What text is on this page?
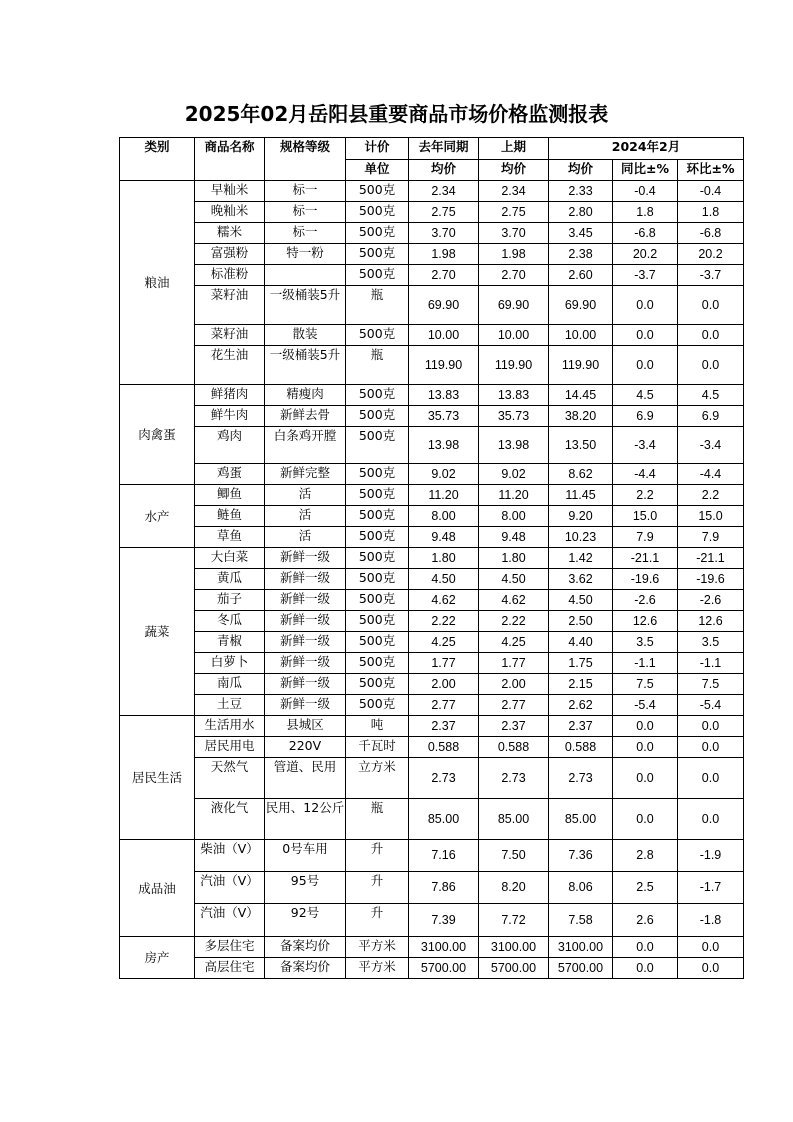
2025年02月岳阳县重要商品市场价格监测报表
类别	商品名称	规格等级	计价	去年同期	上期	2024年2月		
			单位	均价	均价	均价	同比±%	环比±%
粮油	早籼米	标一	500克	2.34	2.34	2.33	-0.4	-0.4
	晚籼米	标一	500克	2.75	2.75	2.80	1.8	1.8
	糯米	标一	500克	3.70	3.70	3.45	-6.8	-6.8
	富强粉	特一粉	500克	1.98	1.98	2.38	20.2	20.2
	标准粉		500克	2.70	2.70	2.60	-3.7	-3.7
	菜籽油	一级桶装5升	瓶	69.90	69.90	69.90	0.0	0.0
	菜籽油	散装	500克	10.00	10.00	10.00	0.0	0.0
	花生油	一级桶装5升	瓶	119.90	119.90	119.90	0.0	0.0
肉禽蛋	鲜猪肉	精瘦肉	500克	13.83	13.83	14.45	4.5	4.5
	鲜牛肉	新鲜去骨	500克	35.73	35.73	38.20	6.9	6.9
	鸡肉	白条鸡开膛	500克	13.98	13.98	13.50	-3.4	-3.4
	鸡蛋	新鲜完整	500克	9.02	9.02	8.62	-4.4	-4.4
水产	鲫鱼	活	500克	11.20	11.20	11.45	2.2	2.2
	鲢鱼	活	500克	8.00	8.00	9.20	15.0	15.0
	草鱼	活	500克	9.48	9.48	10.23	7.9	7.9
蔬菜	大白菜	新鲜一级	500克	1.80	1.80	1.42	-21.1	-21.1
	黄瓜	新鲜一级	500克	4.50	4.50	3.62	-19.6	-19.6
	茄子	新鲜一级	500克	4.62	4.62	4.50	-2.6	-2.6
	冬瓜	新鲜一级	500克	2.22	2.22	2.50	12.6	12.6
	青椒	新鲜一级	500克	4.25	4.25	4.40	3.5	3.5
	白萝卜	新鲜一级	500克	1.77	1.77	1.75	-1.1	-1.1
	南瓜	新鲜一级	500克	2.00	2.00	2.15	7.5	7.5
	土豆	新鲜一级	500克	2.77	2.77	2.62	-5.4	-5.4
居民生活	生活用水	县城区	吨	2.37	2.37	2.37	0.0	0.0
	居民用电	220V	千瓦时	0.588	0.588	0.588	0.0	0.0
	天然气	管道、民用	立方米	2.73	2.73	2.73	0.0	0.0
	液化气	民用、12公斤	瓶	85.00	85.00	85.00	0.0	0.0
成品油	柴油（Ⅴ）	0号车用	升	7.16	7.50	7.36	2.8	-1.9
	汽油（Ⅴ）	95号	升	7.86	8.20	8.06	2.5	-1.7
	汽油（Ⅴ）	92号	升	7.39	7.72	7.58	2.6	-1.8
房产	多层住宅	备案均价	平方米	3100.00	3100.00	3100.00	0.0	0.0
	高层住宅	备案均价	平方米	5700.00	5700.00	5700.00	0.0	0.0
